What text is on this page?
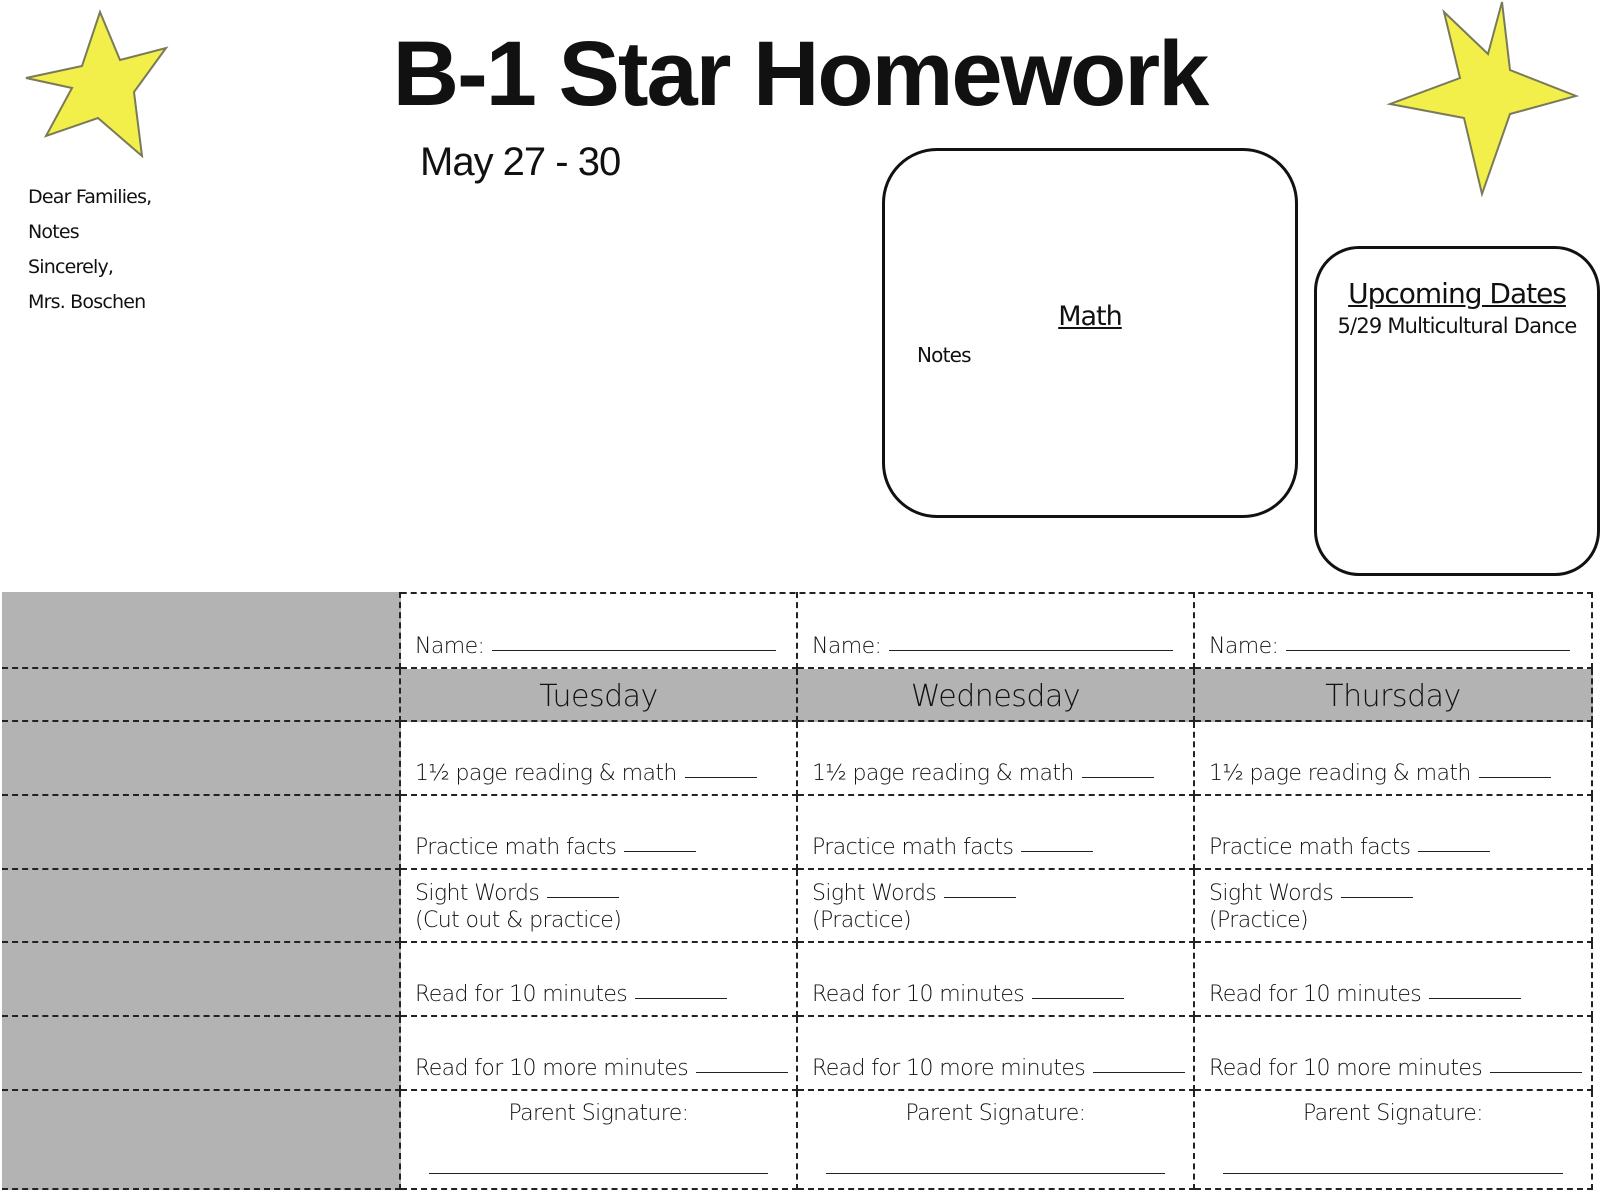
B-1 Star Homework
May 27 - 30
Dear Families,
Notes
Sincerely,
Mrs. Boschen	Math
Notes
Upcoming Dates
5/29 Multicultural Dance
Name:
Tuesday
1½ page reading & math
Practice math facts
Sight Words
(Cut out & practice)
Read for 10 minutes
Read for 10 more minutes
Parent Signature:
Name:
Wednesday
1½ page reading & math
Practice math facts
Sight Words
(Practice)
Read for 10 minutes
Read for 10 more minutes
Parent Signature:
Name:
Thursday
1½ page reading & math
Practice math facts
Sight Words
(Practice)
Read for 10 minutes
Read for 10 more minutes
Parent Signature:
